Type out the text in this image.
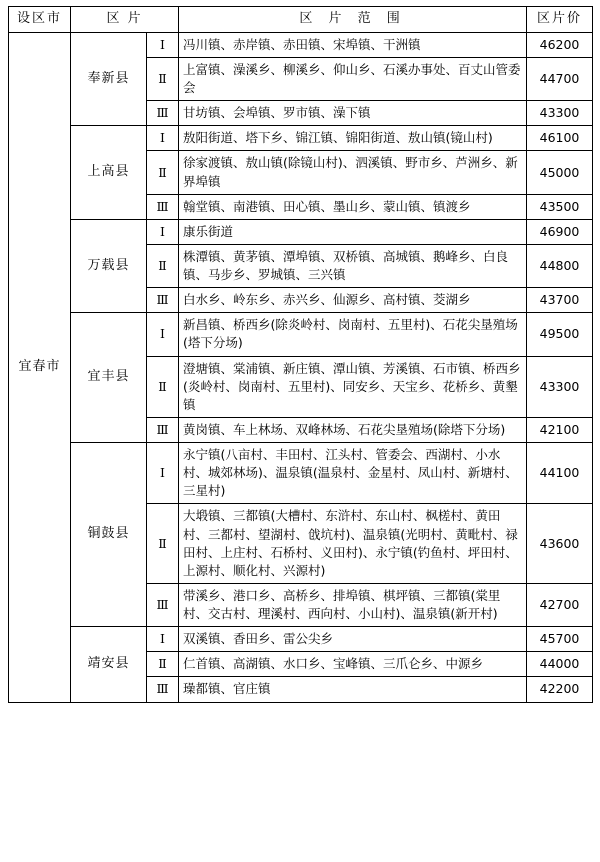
设区市	区 片		区 片 范 围	区片价
宜春市	奉新县	Ⅰ	冯川镇、赤岸镇、赤田镇、宋埠镇、干洲镇	46200
		Ⅱ	上富镇、澡溪乡、柳溪乡、仰山乡、石溪办事处、百丈山管委会	44700
		Ⅲ	甘坊镇、会埠镇、罗市镇、澡下镇	43300
	上高县	Ⅰ	敖阳街道、塔下乡、锦江镇、锦阳街道、敖山镇(镜山村)	46100
		Ⅱ	徐家渡镇、敖山镇(除镜山村)、泗溪镇、野市乡、芦洲乡、新界埠镇	45000
		Ⅲ	翰堂镇、南港镇、田心镇、墨山乡、蒙山镇、镇渡乡	43500
	万载县	Ⅰ	康乐街道	46900
		Ⅱ	株潭镇、黄茅镇、潭埠镇、双桥镇、高城镇、鹅峰乡、白良镇、马步乡、罗城镇、三兴镇	44800
		Ⅲ	白水乡、岭东乡、赤兴乡、仙源乡、高村镇、茭湖乡	43700
	宜丰县	Ⅰ	新昌镇、桥西乡(除炎岭村、岗南村、五里村)、石花尖垦殖场(塔下分场)	49500
		Ⅱ	澄塘镇、棠浦镇、新庄镇、潭山镇、芳溪镇、石市镇、桥西乡(炎岭村、岗南村、五里村)、同安乡、天宝乡、花桥乡、黄墾镇	43300
		Ⅲ	黄岗镇、车上林场、双峰林场、石花尖垦殖场(除塔下分场)	42100
	铜鼓县	Ⅰ	永宁镇(八亩村、丰田村、江头村、管委会、西湖村、小水村、城郊林场)、温泉镇(温泉村、金星村、凤山村、新塘村、三星村)	44100
		Ⅱ	大塅镇、三都镇(大槽村、东浒村、东山村、枫槎村、黄田村、三都村、望湖村、戗坑村)、温泉镇(光明村、黄毗村、禄田村、上庄村、石桥村、义田村)、永宁镇(钓鱼村、坪田村、上源村、顺化村、兴源村)	43600
		Ⅲ	带溪乡、港口乡、高桥乡、排埠镇、棋坪镇、三都镇(棠里村、交古村、理溪村、西向村、小山村)、温泉镇(新开村)	42700
	靖安县	Ⅰ	双溪镇、香田乡、雷公尖乡	45700
		Ⅱ	仁首镇、高湖镇、水口乡、宝峰镇、三爪仑乡、中源乡	44000
		Ⅲ	璪都镇、官庄镇	42200
